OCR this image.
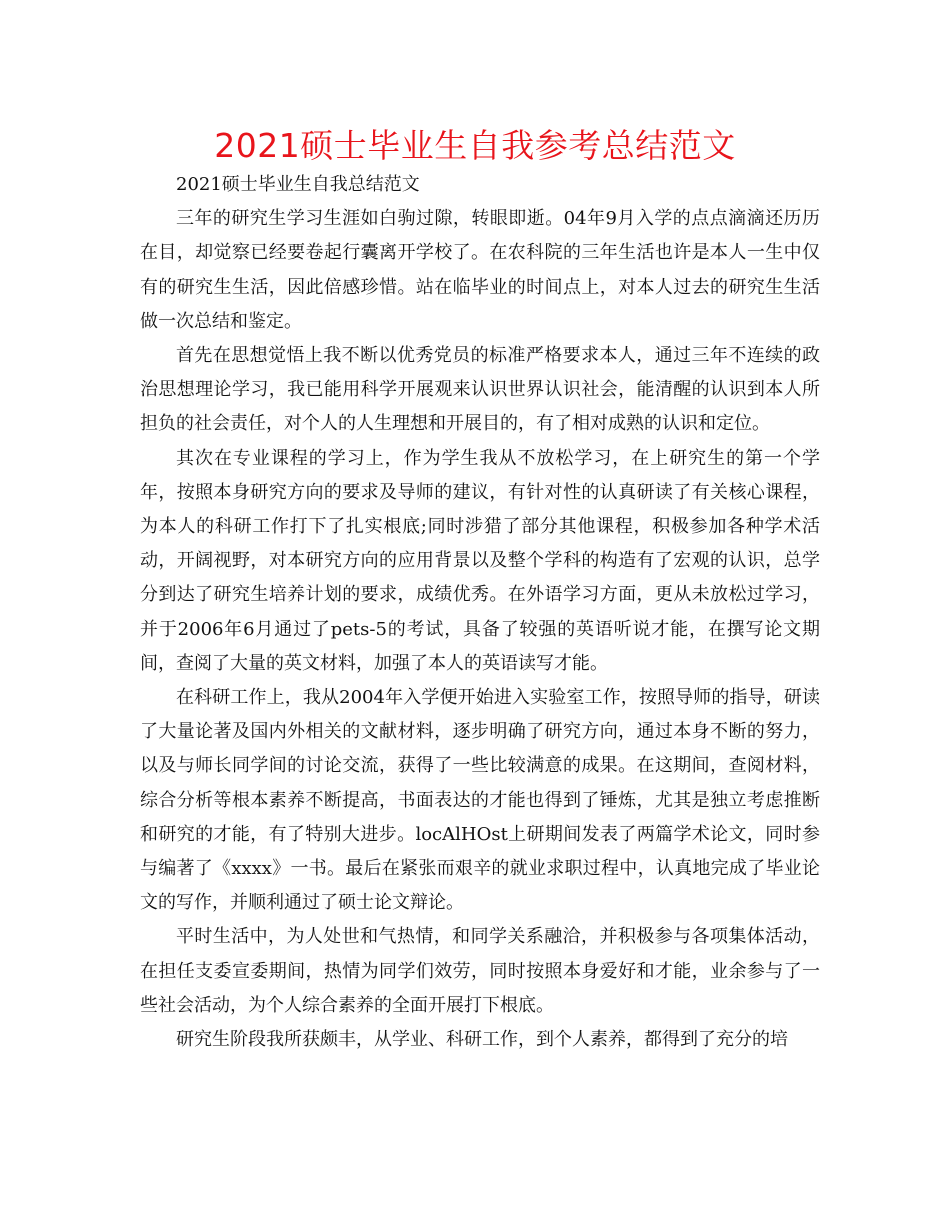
2021硕士毕业生自我参考总结范文

2021硕士毕业生自我总结范文

三年的研究生学习生涯如白驹过隙，转眼即逝。04年9月入学的点点滴滴还历历在目，却觉察已经要卷起行囊离开学校了。在农科院的三年生活也许是本人一生中仅有的研究生生活，因此倍感珍惜。站在临毕业的时间点上，对本人过去的研究生生活做一次总结和鉴定。

首先在思想觉悟上我不断以优秀党员的标准严格要求本人，通过三年不连续的政治思想理论学习，我已能用科学开展观来认识世界认识社会，能清醒的认识到本人所担负的社会责任，对个人的人生理想和开展目的，有了相对成熟的认识和定位。

其次在专业课程的学习上，作为学生我从不放松学习，在上研究生的第一个学年，按照本身研究方向的要求及导师的建议，有针对性的认真研读了有关核心课程，为本人的科研工作打下了扎实根底;同时涉猎了部分其他课程，积极参加各种学术活动，开阔视野，对本研究方向的应用背景以及整个学科的构造有了宏观的认识，总学分到达了研究生培养计划的要求，成绩优秀。在外语学习方面，更从未放松过学习，并于2006年6月通过了pets-5的考试，具备了较强的英语听说才能，在撰写论文期间，查阅了大量的英文材料，加强了本人的英语读写才能。

在科研工作上，我从2004年入学便开始进入实验室工作，按照导师的指导，研读了大量论著及国内外相关的文献材料，逐步明确了研究方向，通过本身不断的努力，以及与师长同学间的讨论交流，获得了一些比较满意的成果。在这期间，查阅材料，综合分析等根本素养不断提高，书面表达的才能也得到了锤炼，尤其是独立考虑推断和研究的才能，有了特别大进步。locAlHOst上研期间发表了两篇学术论文，同时参与编著了《xxxx》一书。最后在紧张而艰辛的就业求职过程中，认真地完成了毕业论文的写作，并顺利通过了硕士论文辩论。

平时生活中，为人处世和气热情，和同学关系融洽，并积极参与各项集体活动，在担任支委宣委期间，热情为同学们效劳，同时按照本身爱好和才能，业余参与了一些社会活动，为个人综合素养的全面开展打下根底。

研究生阶段我所获颇丰，从学业、科研工作，到个人素养，都得到了充分的培
